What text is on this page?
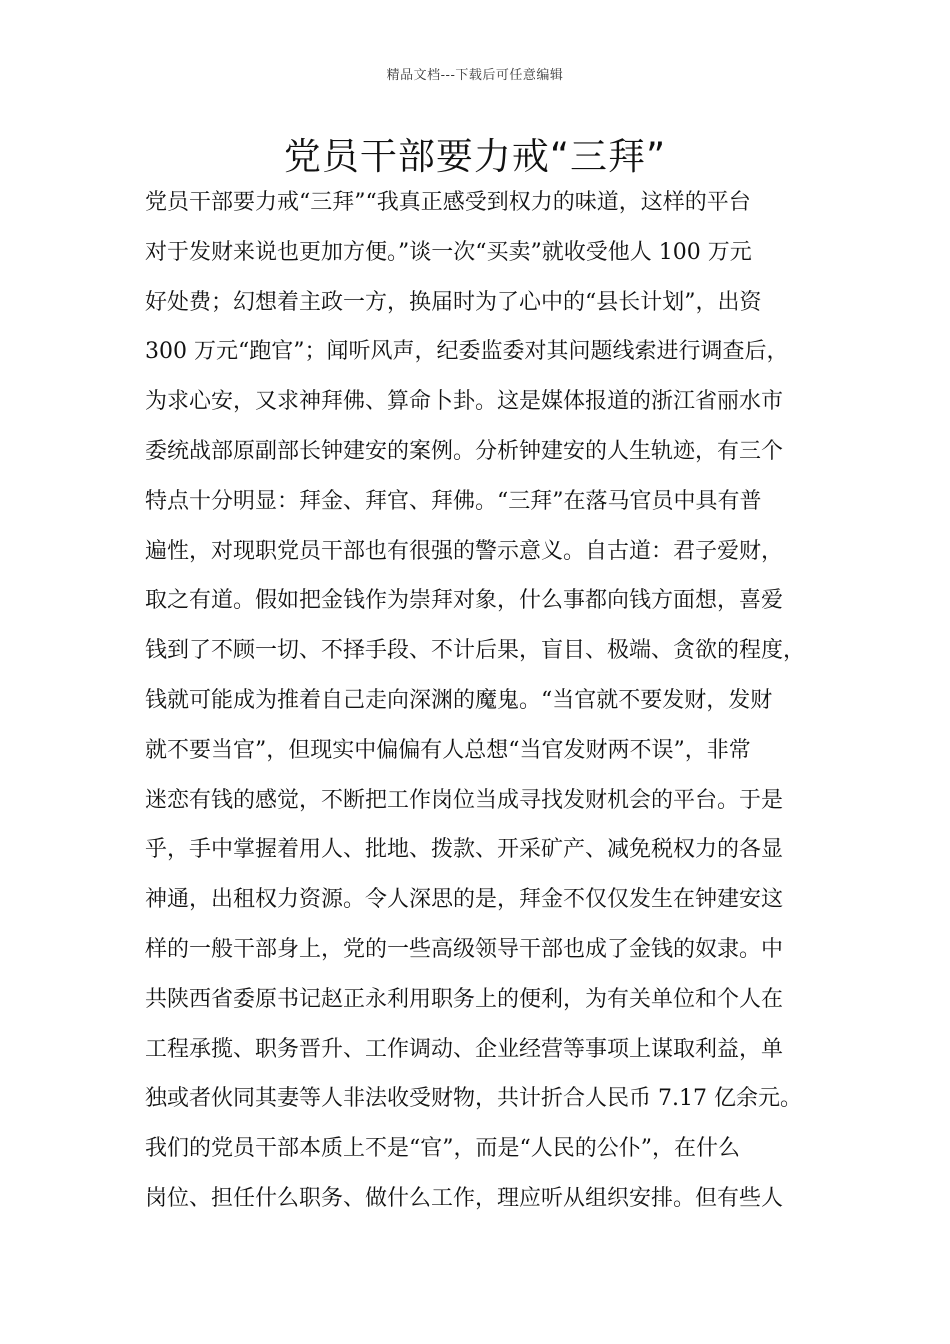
精品文档---下载后可任意编辑
党员干部要力戒“三拜”
党员干部要力戒“三拜”“我真正感受到权力的味道，这样的平台
对于发财来说也更加方便。”谈一次“买卖”就收受他人 100 万元
好处费；幻想着主政一方，换届时为了心中的“县长计划”，出资
300 万元“跑官”；闻听风声，纪委监委对其问题线索进行调查后，
为求心安，又求神拜佛、算命卜卦。这是媒体报道的浙江省丽水市
委统战部原副部长钟建安的案例。分析钟建安的人生轨迹，有三个
特点十分明显：拜金、拜官、拜佛。“三拜”在落马官员中具有普
遍性，对现职党员干部也有很强的警示意义。自古道：君子爱财，
取之有道。假如把金钱作为崇拜对象，什么事都向钱方面想，喜爱
钱到了不顾一切、不择手段、不计后果，盲目、极端、贪欲的程度，
钱就可能成为推着自己走向深渊的魔鬼。“当官就不要发财，发财
就不要当官”，但现实中偏偏有人总想“当官发财两不误”，非常
迷恋有钱的感觉，不断把工作岗位当成寻找发财机会的平台。于是
乎，手中掌握着用人、批地、拨款、开采矿产、减免税权力的各显
神通，出租权力资源。令人深思的是，拜金不仅仅发生在钟建安这
样的一般干部身上，党的一些高级领导干部也成了金钱的奴隶。中
共陕西省委原书记赵正永利用职务上的便利，为有关单位和个人在
工程承揽、职务晋升、工作调动、企业经营等事项上谋取利益，单
独或者伙同其妻等人非法收受财物，共计折合人民币 7.17 亿余元。
我们的党员干部本质上不是“官”，而是“人民的公仆”，在什么
岗位、担任什么职务、做什么工作，理应听从组织安排。但有些人
